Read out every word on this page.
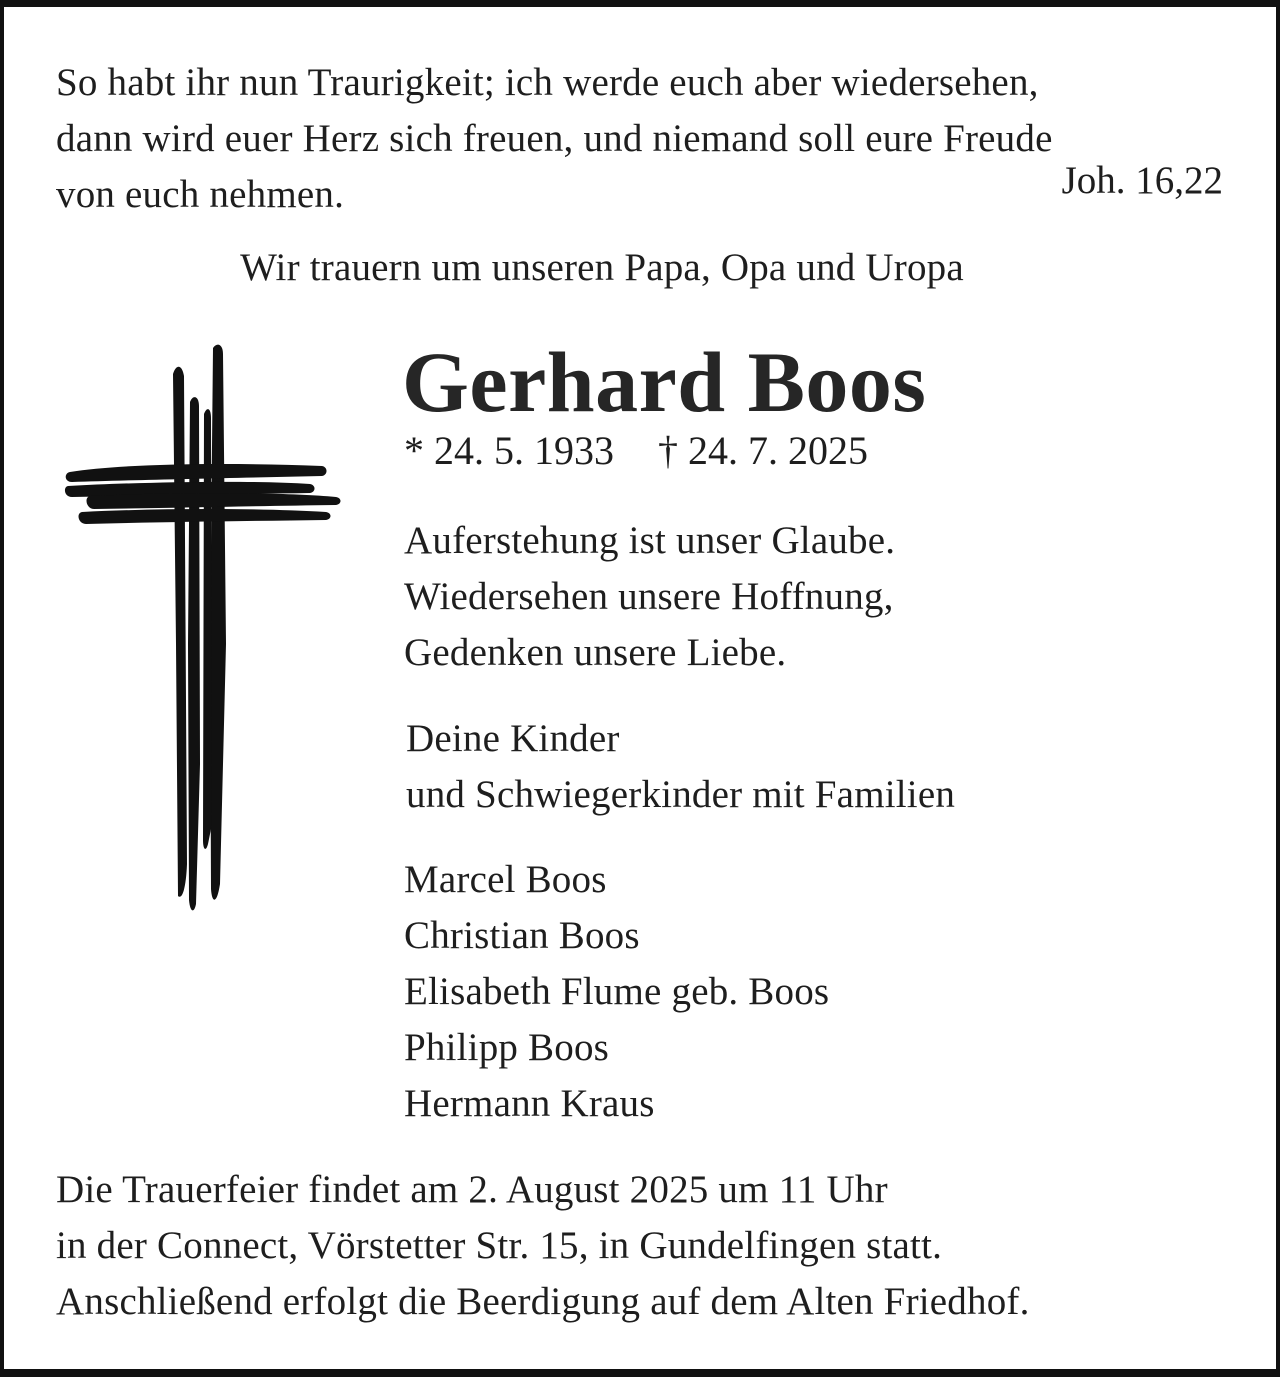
So habt ihr nun Traurigkeit; ich werde euch aber wiedersehen,
dann wird euer Herz sich freuen, und niemand soll eure Freude
von euch nehmen.	Joh. 16,22
Wir trauern um unseren Papa, Opa und Uropa
Gerhard Boos
* 24. 5. 1933 † 24. 7. 2025
Auferstehung ist unser Glaube.
Wiedersehen unsere Hoffnung,
Gedenken unsere Liebe.
Deine Kinder
und Schwiegerkinder mit Familien
Marcel Boos
Christian Boos
Elisabeth Flume geb. Boos
Philipp Boos
Hermann Kraus
Die Trauerfeier findet am 2. August 2025 um 11 Uhr
in der Connect, Vörstetter Str. 15, in Gundelfingen statt.
Anschließend erfolgt die Beerdigung auf dem Alten Friedhof.
